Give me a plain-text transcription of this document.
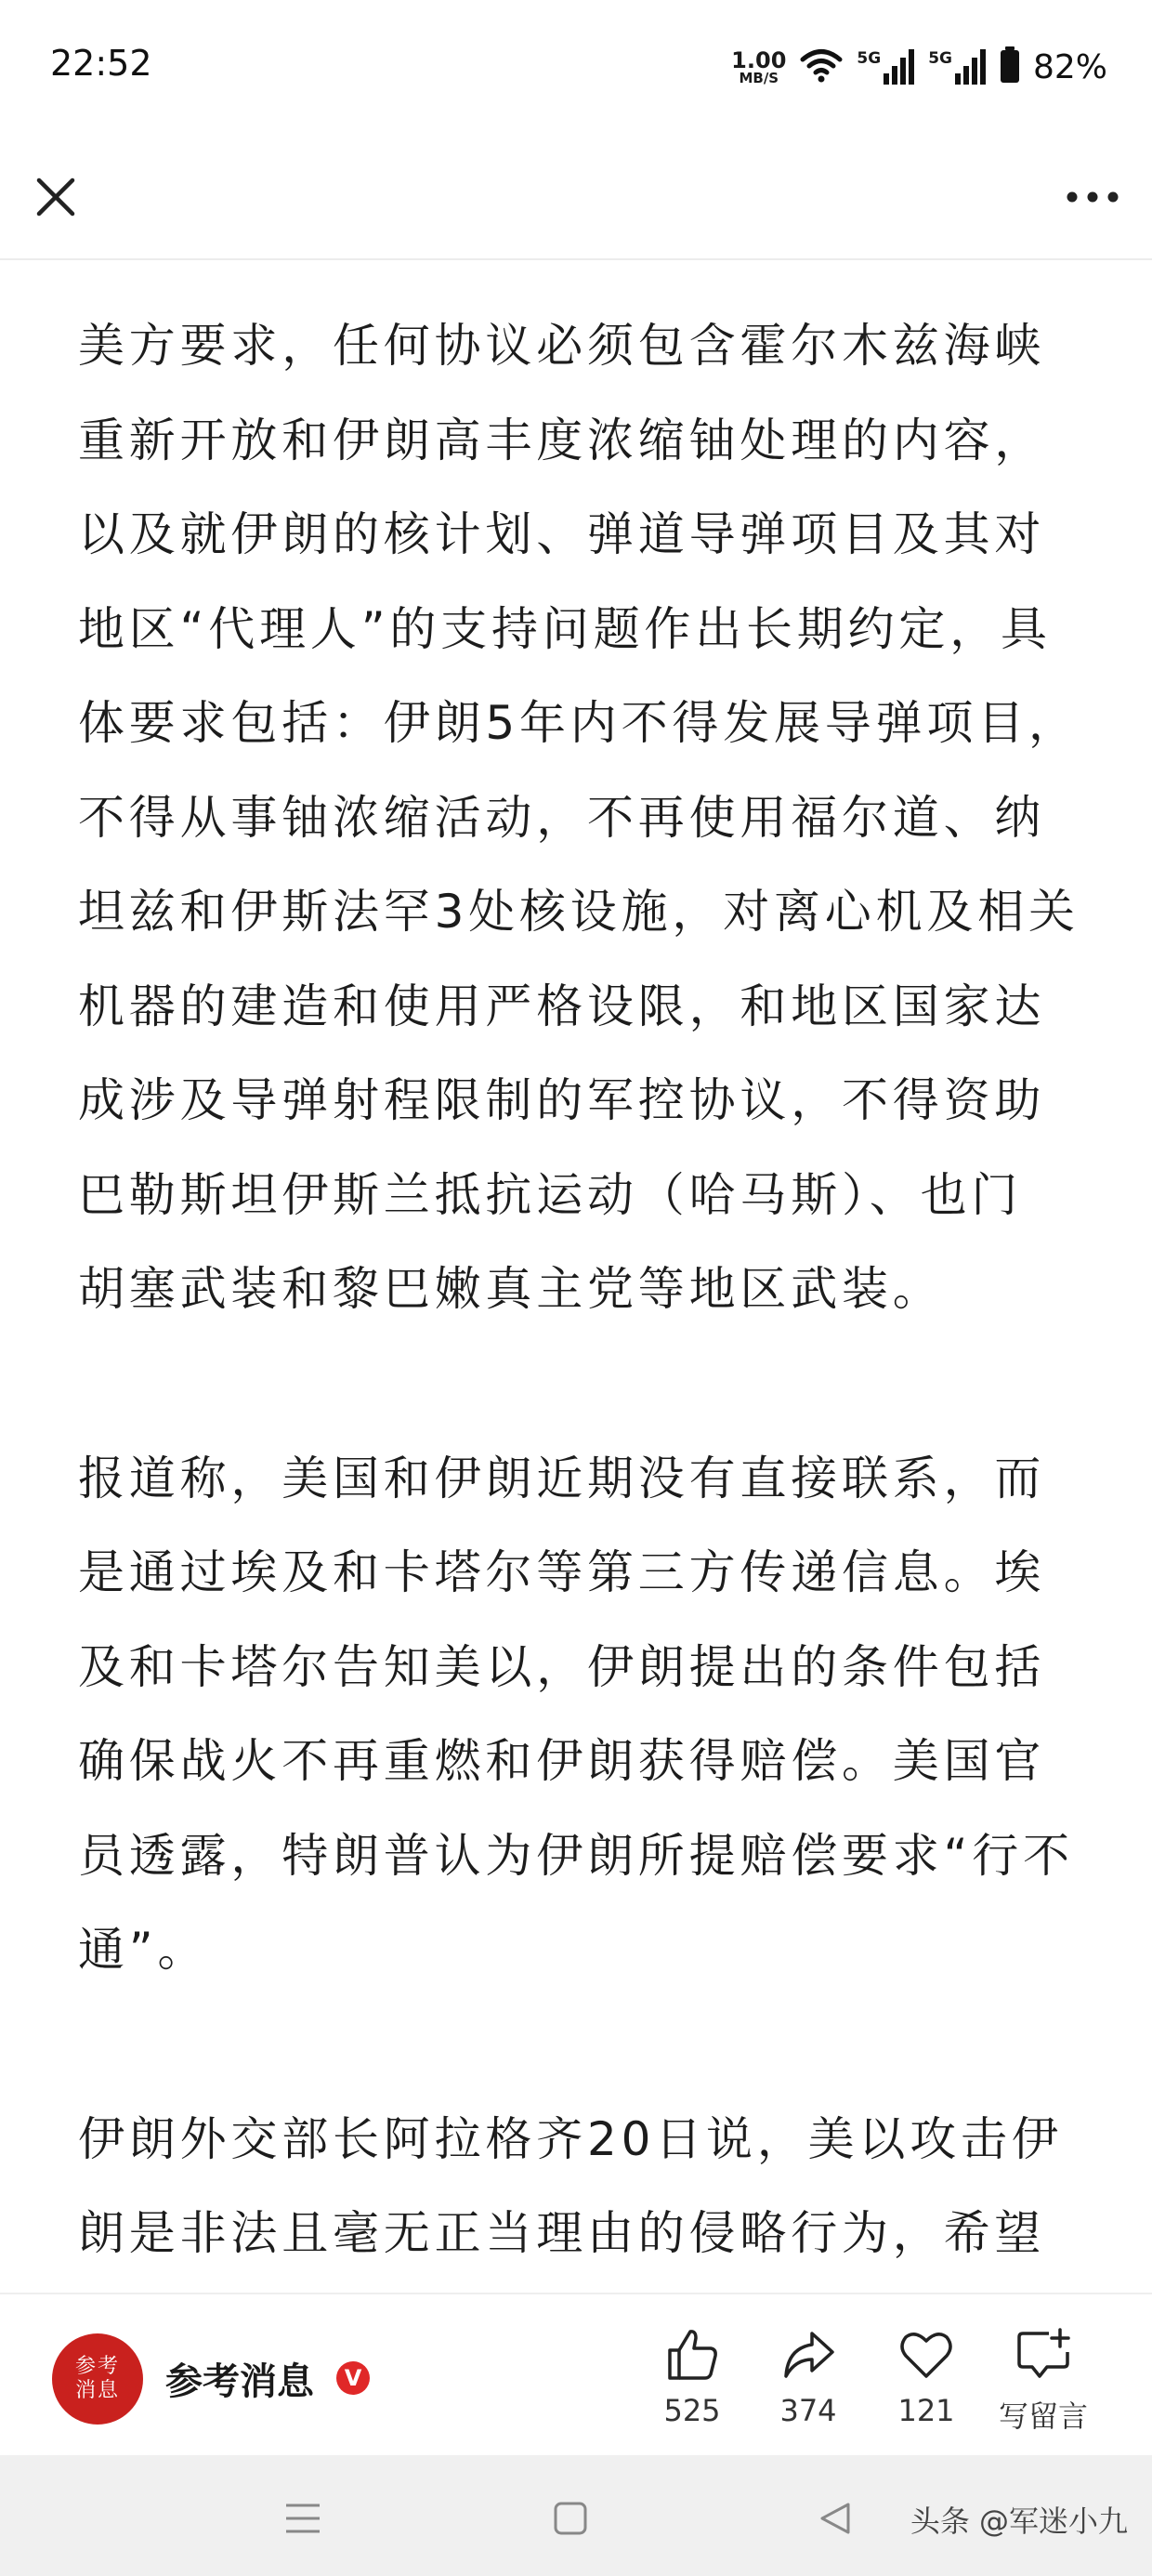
22:52	1.00
MB/S
5G	5G 82%

美方要求，任何协议必须包含霍尔木兹海峡
重新开放和伊朗高丰度浓缩铀处理的内容，
以及就伊朗的核计划、弹道导弹项目及其对
地区“代理人”的支持问题作出长期约定，具
体要求包括：伊朗5年内不得发展导弹项目，
不得从事铀浓缩活动，不再使用福尔道、纳
坦兹和伊斯法罕3处核设施，对离心机及相关
机器的建造和使用严格设限，和地区国家达
成涉及导弹射程限制的军控协议，不得资助
巴勒斯坦伊斯兰抵抗运动（哈马斯）、也门
胡塞武装和黎巴嫩真主党等地区武装。

报道称，美国和伊朗近期没有直接联系，而
是通过埃及和卡塔尔等第三方传递信息。埃
及和卡塔尔告知美以，伊朗提出的条件包括
确保战火不再重燃和伊朗获得赔偿。美国官
员透露，特朗普认为伊朗所提赔偿要求“行不
通”。

伊朗外交部长阿拉格齐20日说，美以攻击伊
朗是非法且毫无正当理由的侵略行为，希望

参考消息 参考消息	V
525 374 121 写留言
头条 @军迷小九
